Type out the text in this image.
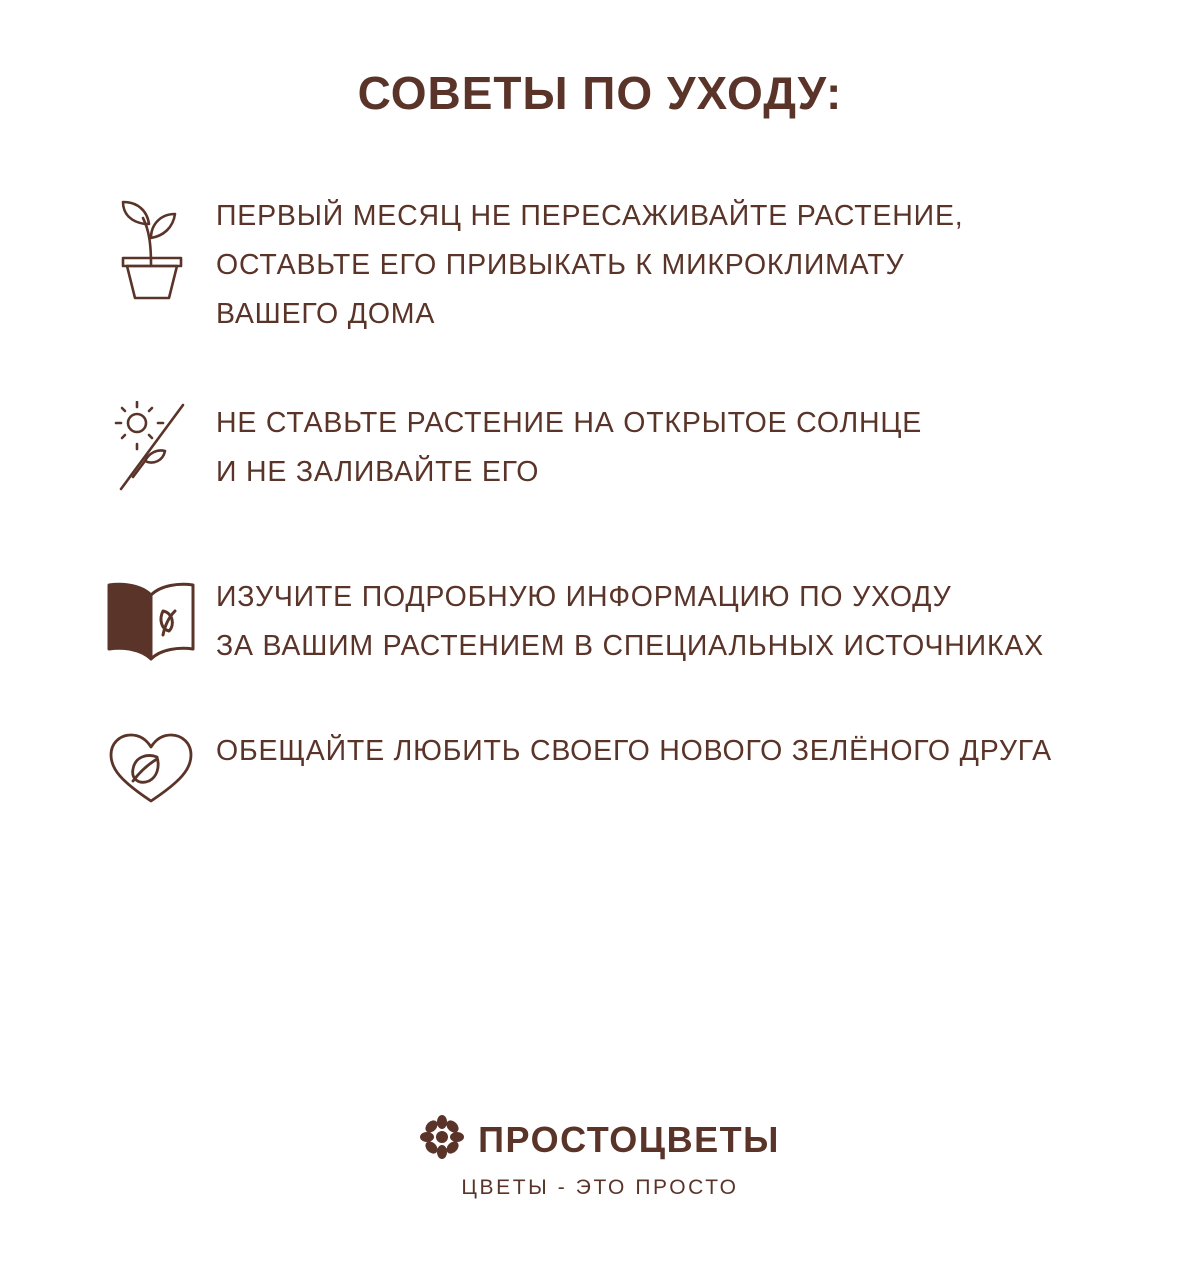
СОВЕТЫ ПО УХОДУ:
ПЕРВЫЙ МЕСЯЦ НЕ ПЕРЕСАЖИВАЙТЕ РАСТЕНИЕ,
ОСТАВЬТЕ ЕГО ПРИВЫКАТЬ К МИКРОКЛИМАТУ
ВАШЕГО ДОМА
НЕ СТАВЬТЕ РАСТЕНИЕ НА ОТКРЫТОЕ СОЛНЦЕ
И НЕ ЗАЛИВАЙТЕ ЕГО
ИЗУЧИТЕ ПОДРОБНУЮ ИНФОРМАЦИЮ ПО УХОДУ
ЗА ВАШИМ РАСТЕНИЕМ В СПЕЦИАЛЬНЫХ ИСТОЧНИКАХ
ОБЕЩАЙТЕ ЛЮБИТЬ СВОЕГО НОВОГО ЗЕЛЁНОГО ДРУГА
ПРОСТОЦВЕТЫ
ЦВЕТЫ - ЭТО ПРОСТО
